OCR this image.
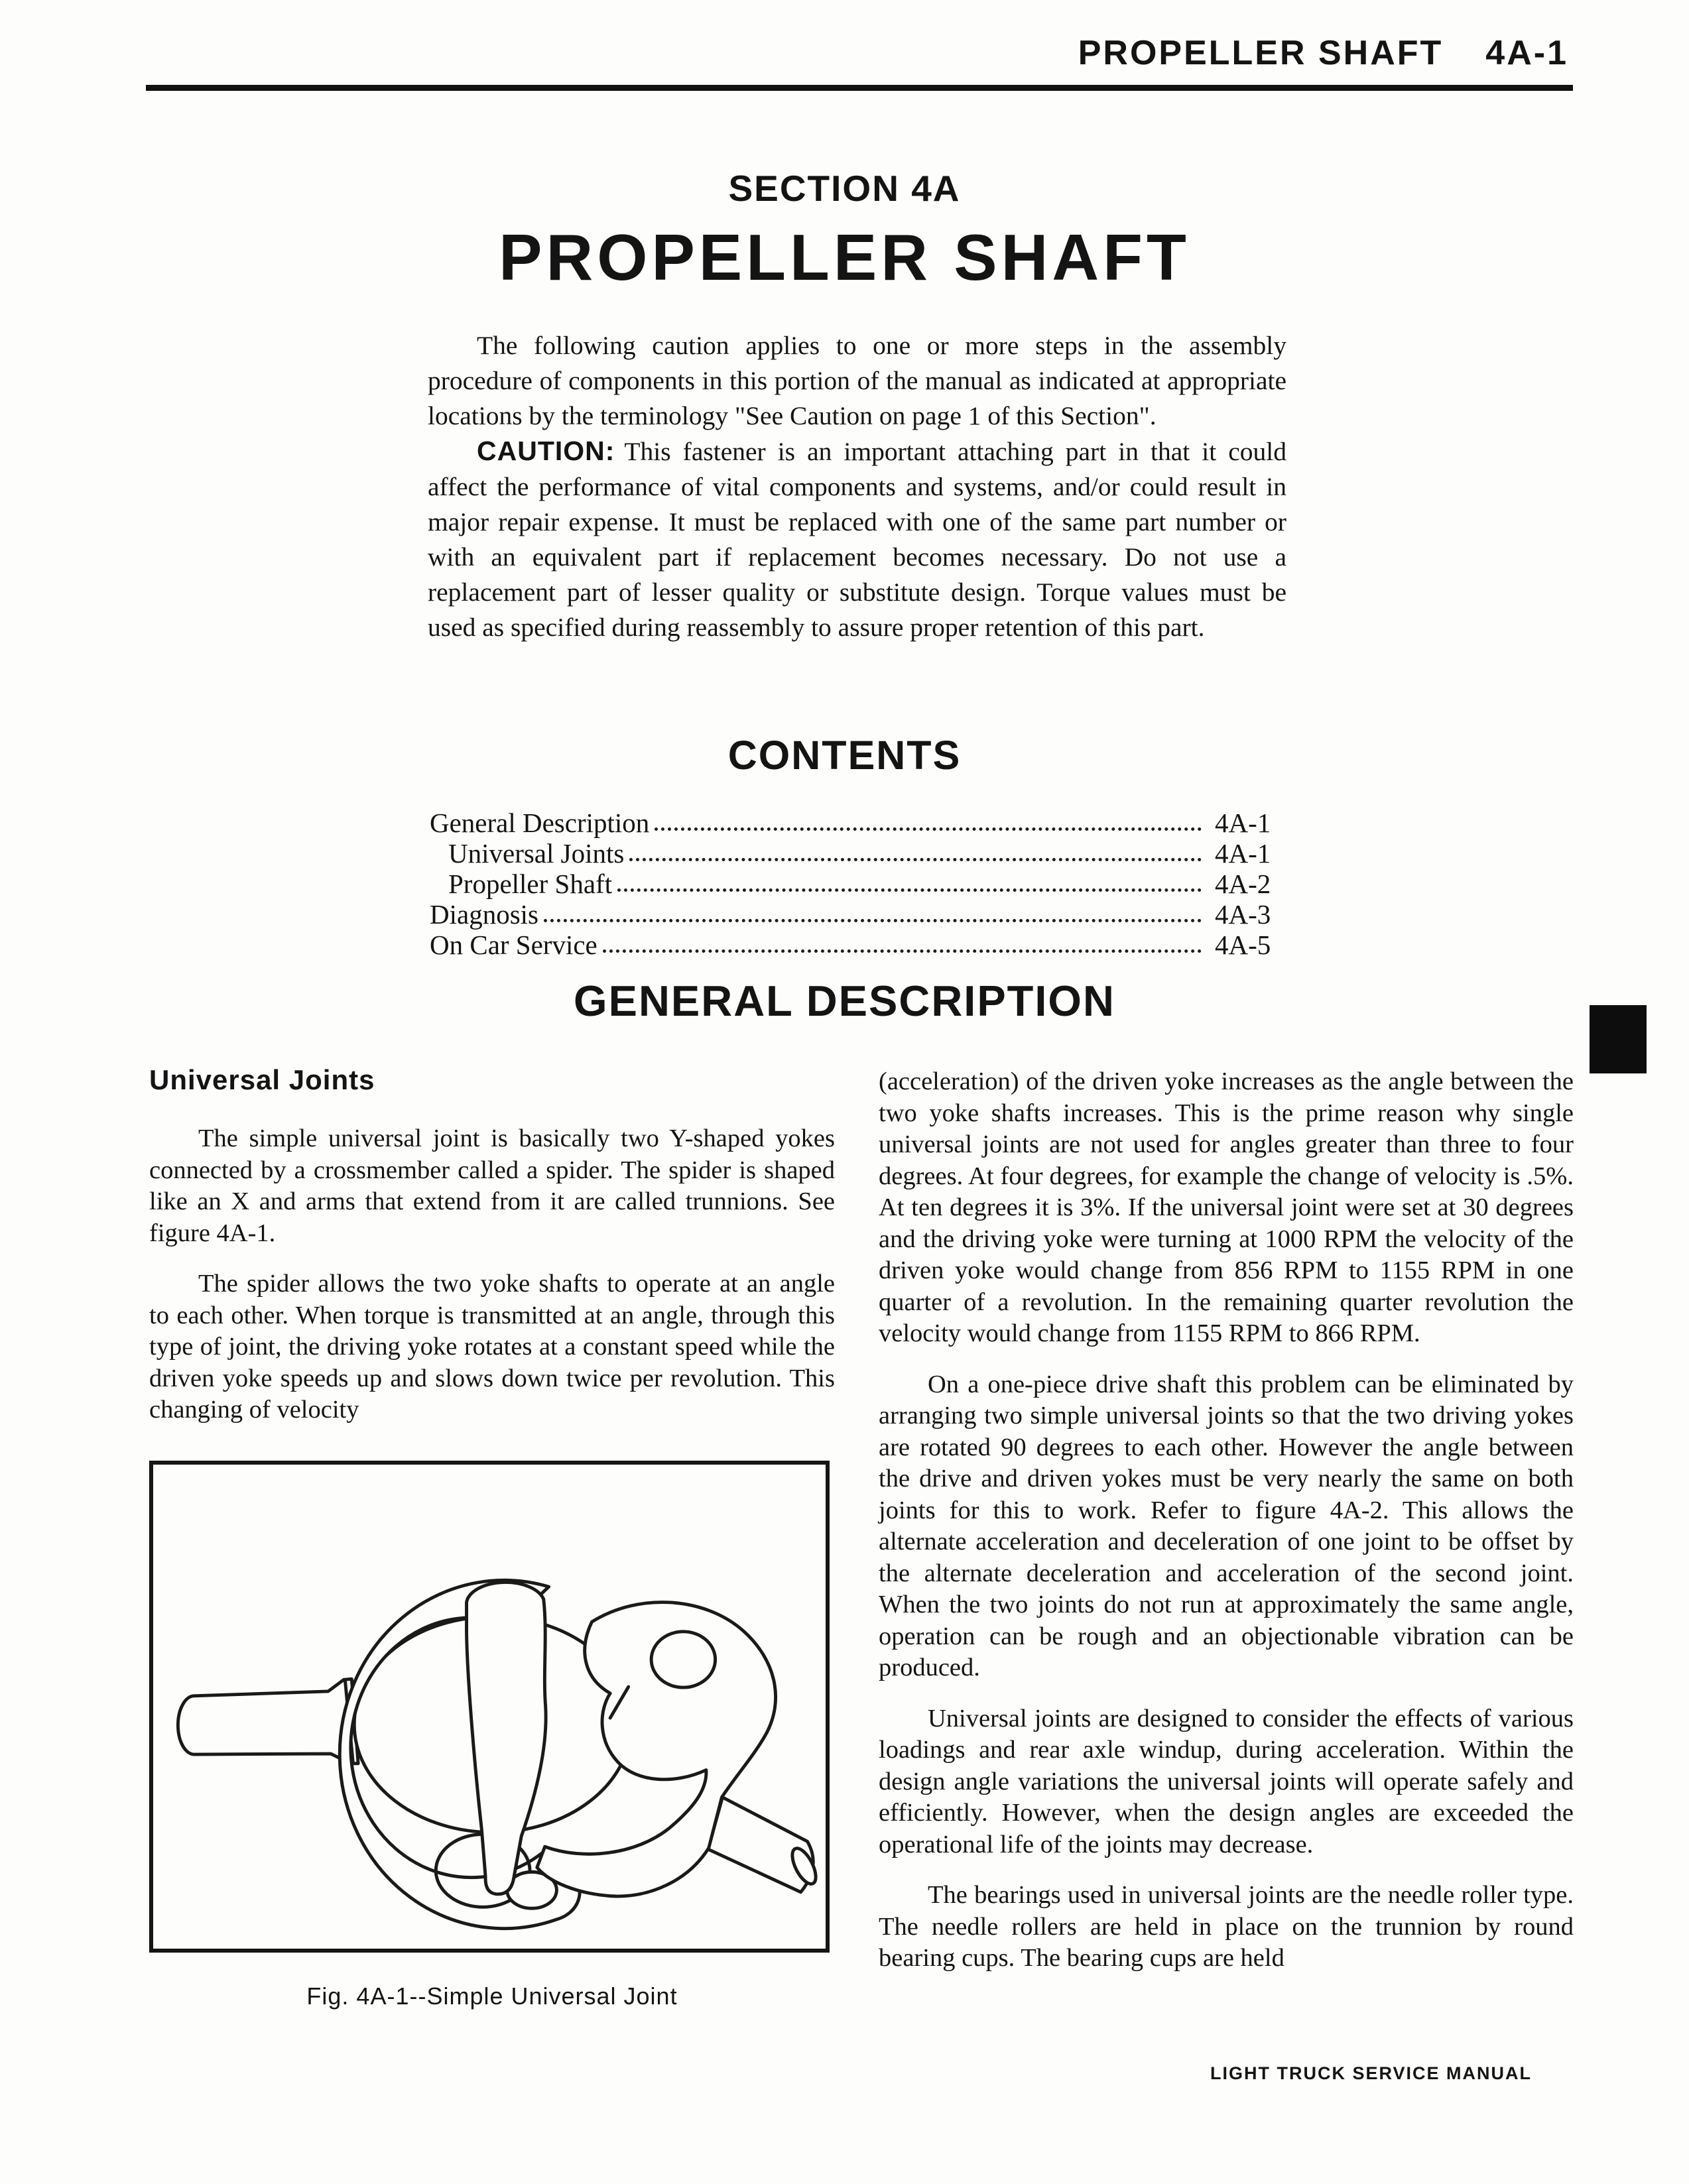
PROPELLER SHAFT 4A-1
SECTION 4A
PROPELLER SHAFT

The following caution applies to one or more steps in the assembly procedure of components in this portion of the manual as indicated at appropriate locations by the terminology "See Caution on page 1 of this Section".

CAUTION: This fastener is an important attaching part in that it could affect the performance of vital components and systems, and/or could result in major repair expense. It must be replaced with one of the same part number or with an equivalent part if replacement becomes necessary. Do not use a replacement part of lesser quality or substitute design. Torque values must be used as specified during reassembly to assure proper retention of this part.

CONTENTS
General Description	4A-1
Universal Joints	4A-1
Propeller Shaft	4A-2
Diagnosis	4A-3
On Car Service	4A-5
GENERAL DESCRIPTION
Universal Joints

The simple universal joint is basically two Y-shaped yokes connected by a crossmember called a spider. The spider is shaped like an X and arms that extend from it are called trunnions. See figure 4A-1.

The spider allows the two yoke shafts to operate at an angle to each other. When torque is transmitted at an angle, through this type of joint, the driving yoke rotates at a constant speed while the driven yoke speeds up and slows down twice per revolution. This changing of velocity

Fig. 4A-1--Simple Universal Joint

(acceleration) of the driven yoke increases as the angle between the two yoke shafts increases. This is the prime reason why single universal joints are not used for angles greater than three to four degrees. At four degrees, for example the change of velocity is .5%. At ten degrees it is 3%. If the universal joint were set at 30 degrees and the driving yoke were turning at 1000 RPM the velocity of the driven yoke would change from 856 RPM to 1155 RPM in one quarter of a revolution. In the remaining quarter revolution the velocity would change from 1155 RPM to 866 RPM.

On a one-piece drive shaft this problem can be eliminated by arranging two simple universal joints so that the two driving yokes are rotated 90 degrees to each other. However the angle between the drive and driven yokes must be very nearly the same on both joints for this to work. Refer to figure 4A-2. This allows the alternate acceleration and deceleration of one joint to be offset by the alternate deceleration and acceleration of the second joint. When the two joints do not run at approximately the same angle, operation can be rough and an objectionable vibration can be produced.

Universal joints are designed to consider the effects of various loadings and rear axle windup, during acceleration. Within the design angle variations the universal joints will operate safely and efficiently. However, when the design angles are exceeded the operational life of the joints may decrease.

The bearings used in universal joints are the needle roller type. The needle rollers are held in place on the trunnion by round bearing cups. The bearing cups are held

LIGHT TRUCK SERVICE MANUAL
